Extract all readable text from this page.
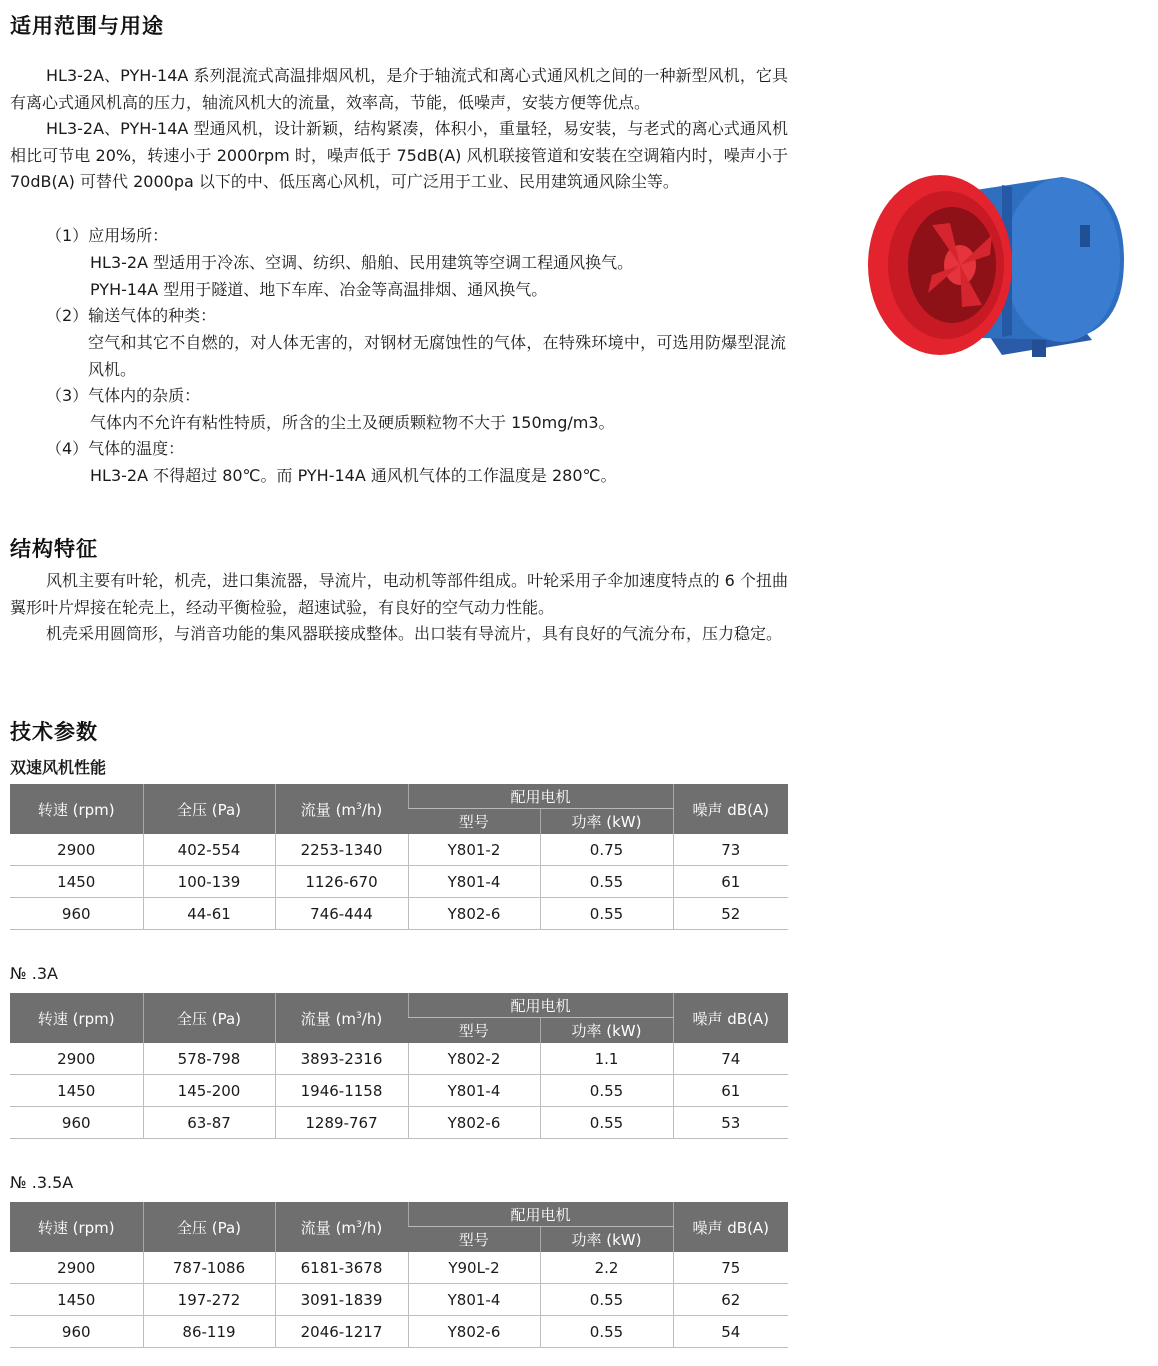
适用范围与用途

HL3-2A、PYH-14A 系列混流式高温排烟风机，是介于轴流式和离心式通风机之间的一种新型风机，它具有离心式通风机高的压力，轴流风机大的流量，效率高，节能，低噪声，安装方便等优点。

HL3-2A、PYH-14A 型通风机，设计新颖，结构紧凑，体积小，重量轻，易安装，与老式的离心式通风机相比可节电 20%，转速小于 2000rpm 时，噪声低于 75dB(A) 风机联接管道和安装在空调箱内时，噪声小于 70dB(A) 可替代 2000pa 以下的中、低压离心风机，可广泛用于工业、民用建筑通风除尘等。

（1）应用场所：
HL3-2A 型适用于冷冻、空调、纺织、船舶、民用建筑等空调工程通风换气。
PYH-14A 型用于隧道、地下车库、冶金等高温排烟、通风换气。
（2）输送气体的种类：
空气和其它不自燃的，对人体无害的，对钢材无腐蚀性的气体，在特殊环境中，可选用防爆型混流风机。
（3）气体内的杂质：
气体内不允许有粘性特质，所含的尘土及硬质颗粒物不大于 150mg/m3。
（4）气体的温度：
HL3-2A 不得超过 80℃。而 PYH-14A 通风机气体的工作温度是 280℃。
结构特征

风机主要有叶轮，机壳，进口集流器，导流片，电动机等部件组成。叶轮采用子伞加速度特点的 6 个扭曲翼形叶片焊接在轮壳上，经动平衡检验，超速试验，有良好的空气动力性能。

机壳采用圆筒形，与消音功能的集风器联接成整体。出口装有导流片，具有良好的气流分布，压力稳定。

技术参数
双速风机性能
转速 (rpm)	全压 (Pa)	流量 $(m^3/h)$	配用电机		噪声 dB(A)
			型号	功率 (kW)	
2900	402-554	2253-1340	Y801-2	0.75	73
1450	100-139	1126-670	Y801-4	0.55	61
960	44-61	746-444	Y802-6	0.55	52
№ .3A
转速 (rpm)	全压 (Pa)	流量 $(m^3/h)$	配用电机		噪声 dB(A)
			型号	功率 (kW)	
2900	578-798	3893-2316	Y802-2	1.1	74
1450	145-200	1946-1158	Y801-4	0.55	61
960	63-87	1289-767	Y802-6	0.55	53
№ .3.5A
转速 (rpm)	全压 (Pa)	流量 $(m^3/h)$	配用电机		噪声 dB(A)
			型号	功率 (kW)	
2900	787-1086	6181-3678	Y90L-2	2.2	75
1450	197-272	3091-1839	Y801-4	0.55	62
960	86-119	2046-1217	Y802-6	0.55	54
